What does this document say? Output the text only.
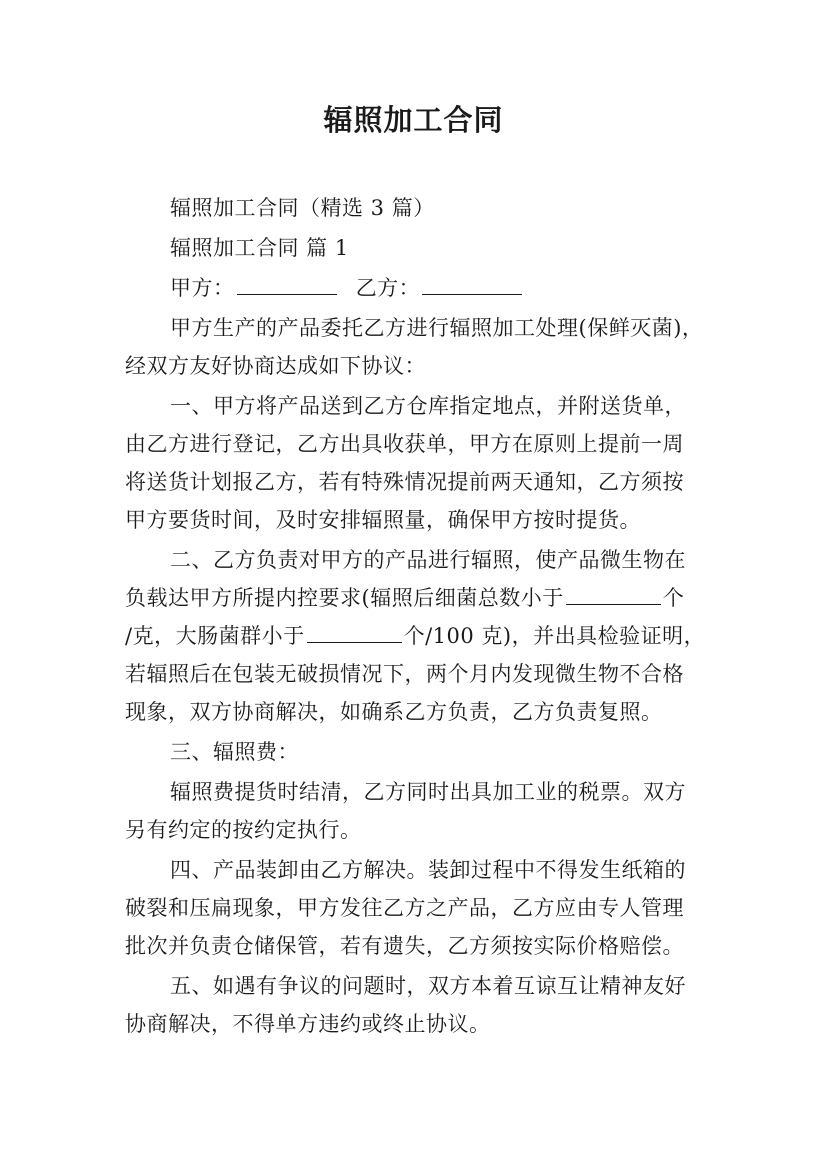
辐照加工合同
辐照加工合同（精选 3 篇）
辐照加工合同 篇 1
甲方：	乙方：
甲方生产的产品委托乙方进行辐照加工处理(保鲜灭菌)，
经双方友好协商达成如下协议：
一、甲方将产品送到乙方仓库指定地点，并附送货单，
由乙方进行登记，乙方出具收获单，甲方在原则上提前一周
将送货计划报乙方，若有特殊情况提前两天通知，乙方须按
甲方要货时间，及时安排辐照量，确保甲方按时提货。
二、乙方负责对甲方的产品进行辐照，使产品微生物在
负载达甲方所提内控要求(辐照后细菌总数小于	个
/克，大肠菌群小于	个/100 克)，并出具检验证明，
若辐照后在包装无破损情况下，两个月内发现微生物不合格
现象，双方协商解决，如确系乙方负责，乙方负责复照。
三、辐照费：
辐照费提货时结清，乙方同时出具加工业的税票。双方
另有约定的按约定执行。
四、产品装卸由乙方解决。装卸过程中不得发生纸箱的
破裂和压扁现象，甲方发往乙方之产品，乙方应由专人管理
批次并负责仓储保管，若有遗失，乙方须按实际价格赔偿。
五、如遇有争议的问题时，双方本着互谅互让精神友好
协商解决，不得单方违约或终止协议。
